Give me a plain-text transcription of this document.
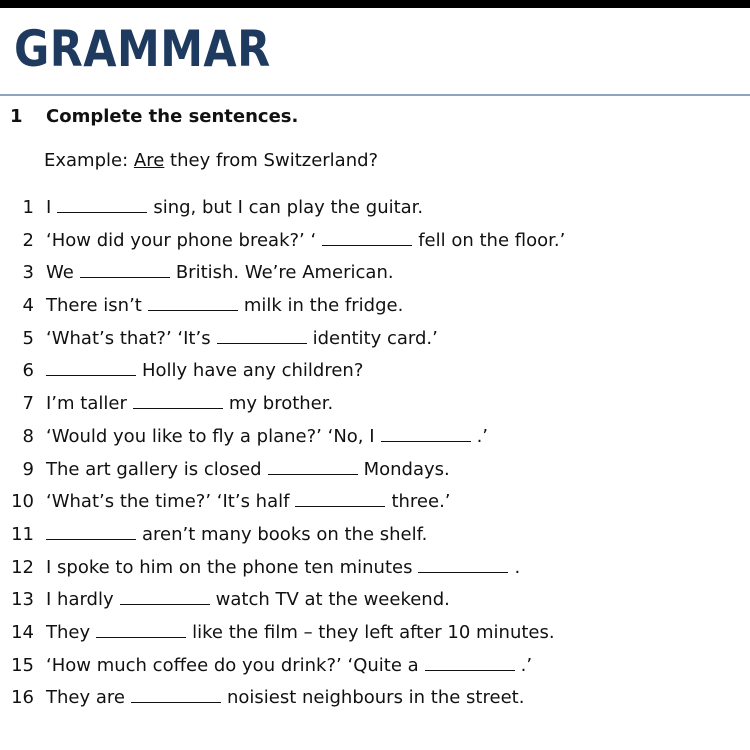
GRAMMAR
1 Complete the sentences.
Example: Are they from Switzerland?
1 I	sing, but I can play the guitar.
2 ‘How did your phone break?’ ‘	fell on the floor.’
3 We	British. We’re American.
4 There isn’t	milk in the fridge.
5 ‘What’s that?’ ‘It’s	identity card.’
6	Holly have any children?
7 I’m taller	my brother.
8 ‘Would you like to fly a plane?’ ‘No, I	.’
9 The art gallery is closed	Mondays.
10 ‘What’s the time?’ ‘It’s half	three.’
11	aren’t many books on the shelf.
12 I spoke to him on the phone ten minutes	.
13 I hardly	watch TV at the weekend.
14 They	like the film – they left after 10 minutes.
15 ‘How much coffee do you drink?’ ‘Quite a	.’
16 They are	noisiest neighbours in the street.
